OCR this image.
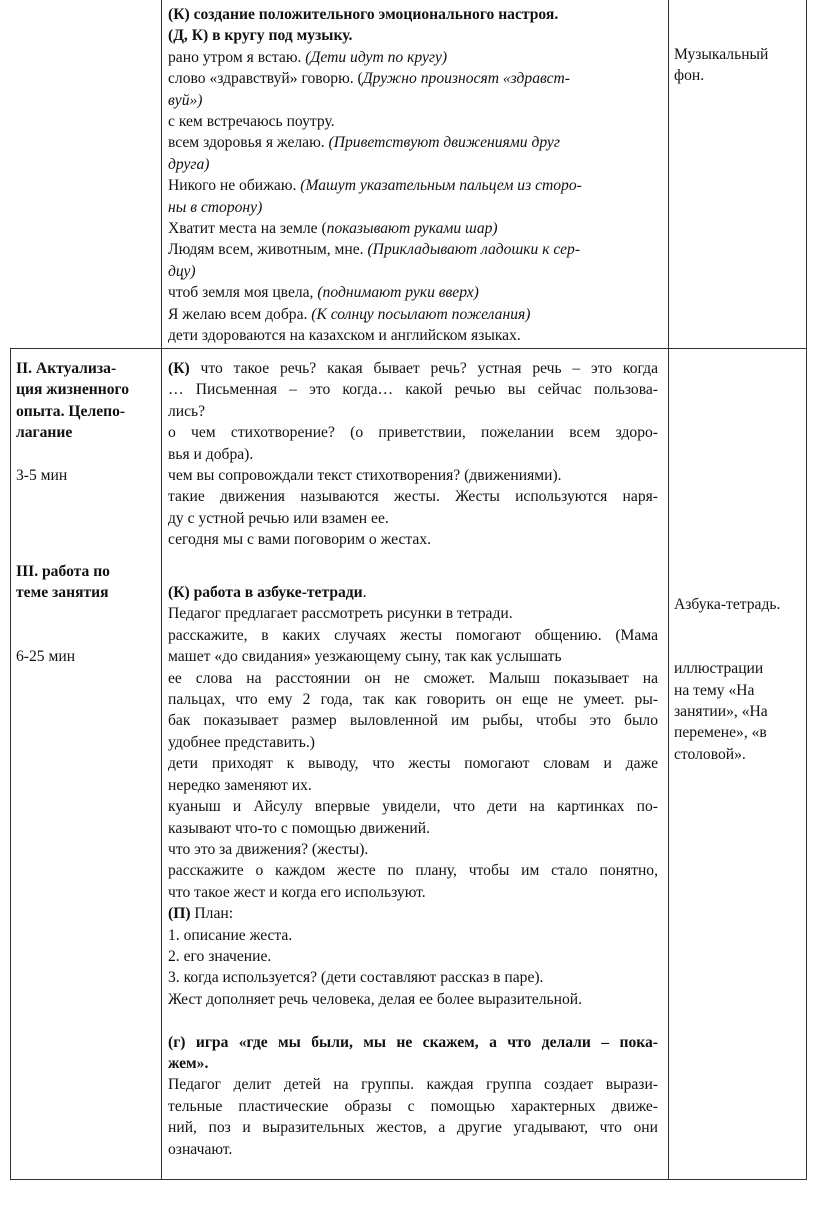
(К) создание положительного эмоционального настроя.
(Д, К) в кругу под музыку.
рано утром я встаю. (Дети идут по кругу)
слово «здравствуй» говорю. (Дружно произносят «здравст-
вуй»)
с кем встречаюсь поутру.
всем здоровья я желаю. (Приветствуют движениями друг
друга)
Никого не обижаю. (Машут указательным пальцем из сторо-
ны в сторону)
Хватит места на земле (показывают руками шар)
Людям всем, животным, мне. (Прикладывают ладошки к сер-
дцу)
чтоб земля моя цвела, (поднимают руки вверх)
Я желаю всем добра. (К солнцу посылают пожелания)
дети здороваются на казахском и английском языках.
Музыкальный
фон.
II. Актуализа-
ция жизненного
опыта. Целепо-
лагание
3-5 мин
III. работа по
теме занятия
6-25 мин
(К) что такое речь? какая бывает речь? устная речь – это когда
… Письменная – это когда… какой речью вы сейчас пользова-
лись?
о чем стихотворение? (о приветствии, пожелании всем здоро-
вья и добра).
чем вы сопровождали текст стихотворения? (движениями).
такие движения называются жесты. Жесты используются наря-
ду с устной речью или взамен ее.
сегодня мы с вами поговорим о жестах.
(К) работа в азбуке-тетради.
Педагог предлагает рассмотреть рисунки в тетради.
расскажите, в каких случаях жесты помогают общению. (Мама
машет «до свидания» уезжающему сыну, так как услышать
ее слова на расстоянии он не сможет. Малыш показывает на
пальцах, что ему 2 года, так как говорить он еще не умеет. ры-
бак показывает размер выловленной им рыбы, чтобы это было
удобнее представить.)
дети приходят к выводу, что жесты помогают словам и даже
нередко заменяют их.
куаныш и Айсулу впервые увидели, что дети на картинках по-
казывают что-то с помощью движений.
что это за движения? (жесты).
расскажите о каждом жесте по плану, чтобы им стало понятно,
что такое жест и когда его используют.
(П) План:
1. описание жеста.
2. его значение.
3. когда используется? (дети составляют рассказ в паре).
Жест дополняет речь человека, делая ее более выразительной.
(г) игра «где мы были, мы не скажем, а что делали – пока-
жем».
Педагог делит детей на группы. каждая группа создает вырази-
тельные пластические образы с помощью характерных движе-
ний, поз и выразительных жестов, а другие угадывают, что они
означают.
Азбука-тетрадь.
иллюстрации
на тему «На
занятии», «На
перемене», «в
столовой».
